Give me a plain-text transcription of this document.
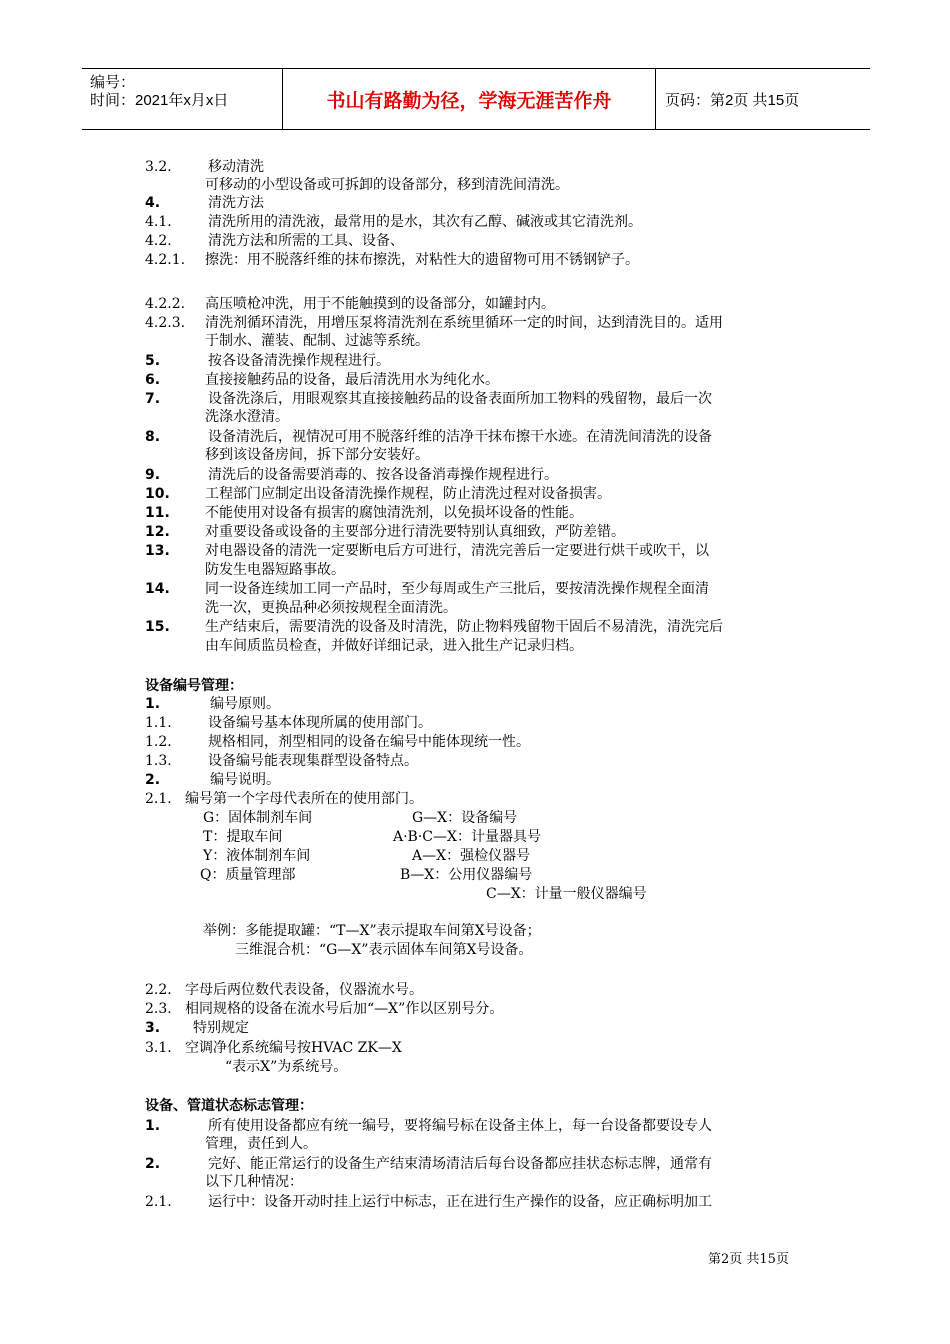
编号：
时间：2021年x月x日	书山有路勤为径，学海无涯苦作舟	页码：第2页 共15页
3.2.	移动清洗
可移动的小型设备或可拆卸的设备部分，移到清洗间清洗。
4.	清洗方法
4.1.	清洗所用的清洗液，最常用的是水，其次有乙醇、碱液或其它清洗剂。
4.2.	清洗方法和所需的工具、设备、
4.2.1. 擦洗：用不脱落纤维的抹布擦洗，对粘性大的遗留物可用不锈钢铲子。
4.2.2. 高压喷枪冲洗，用于不能触摸到的设备部分，如罐封内。
4.2.3. 清洗剂循环清洗，用增压泵将清洗剂在系统里循环一定的时间，达到清洗目的。适用
于制水、灌装、配制、过滤等系统。
5.	按各设备清洗操作规程进行。
6.	直接接触药品的设备，最后清洗用水为纯化水。
7.	设备洗涤后，用眼观察其直接接触药品的设备表面所加工物料的残留物，最后一次
洗涤水澄清。
8.	设备清洗后，视情况可用不脱落纤维的洁净干抹布擦干水迹。在清洗间清洗的设备
移到该设备房间，拆下部分安装好。
9.	清洗后的设备需要消毒的、按各设备消毒操作规程进行。
10.	工程部门应制定出设备清洗操作规程，防止清洗过程对设备损害。
11.	不能使用对设备有损害的腐蚀清洗剂，以免损坏设备的性能。
12.	对重要设备或设备的主要部分进行清洗要特别认真细致，严防差错。
13.	对电器设备的清洗一定要断电后方可进行，清洗完善后一定要进行烘干或吹干，以
防发生电器短路事故。
14.	同一设备连续加工同一产品时，至少每周或生产三批后，要按清洗操作规程全面清
洗一次，更换品种必须按规程全面清洗。
15.	生产结束后，需要清洗的设备及时清洗，防止物料残留物干固后不易清洗，清洗完后
由车间质监员检查，并做好详细记录，进入批生产记录归档。
设备编号管理：
1.	编号原则。
1.1.	设备编号基本体现所属的使用部门。
1.2.	规格相同，剂型相同的设备在编号中能体现统一性。
1.3.	设备编号能表现集群型设备特点。
2.	编号说明。
2.1. 编号第一个字母代表所在的使用部门。
G：固体制剂车间	G—X：设备编号
T：提取车间	A·B·C—X：计量器具号
Y：液体制剂车间	A—X：强检仪器号
Q：质量管理部	B—X：公用仪器编号
C—X：计量一般仪器编号
举例：多能提取罐：“T—X”表示提取车间第X号设备；
三维混合机：“G—X”表示固体车间第X号设备。
2.2. 字母后两位数代表设备，仪器流水号。
2.3. 相同规格的设备在流水号后加“—X”作以区别号分。
3. 特别规定
3.1. 空调净化系统编号按HVAC ZK—X
“表示X”为系统号。
设备、管道状态标志管理：
1.	所有使用设备都应有统一编号，要将编号标在设备主体上，每一台设备都要设专人
管理，责任到人。
2.	完好、能正常运行的设备生产结束清场清洁后每台设备都应挂状态标志牌，通常有
以下几种情况：
2.1.	运行中：设备开动时挂上运行中标志，正在进行生产操作的设备，应正确标明加工
第2页 共15页
